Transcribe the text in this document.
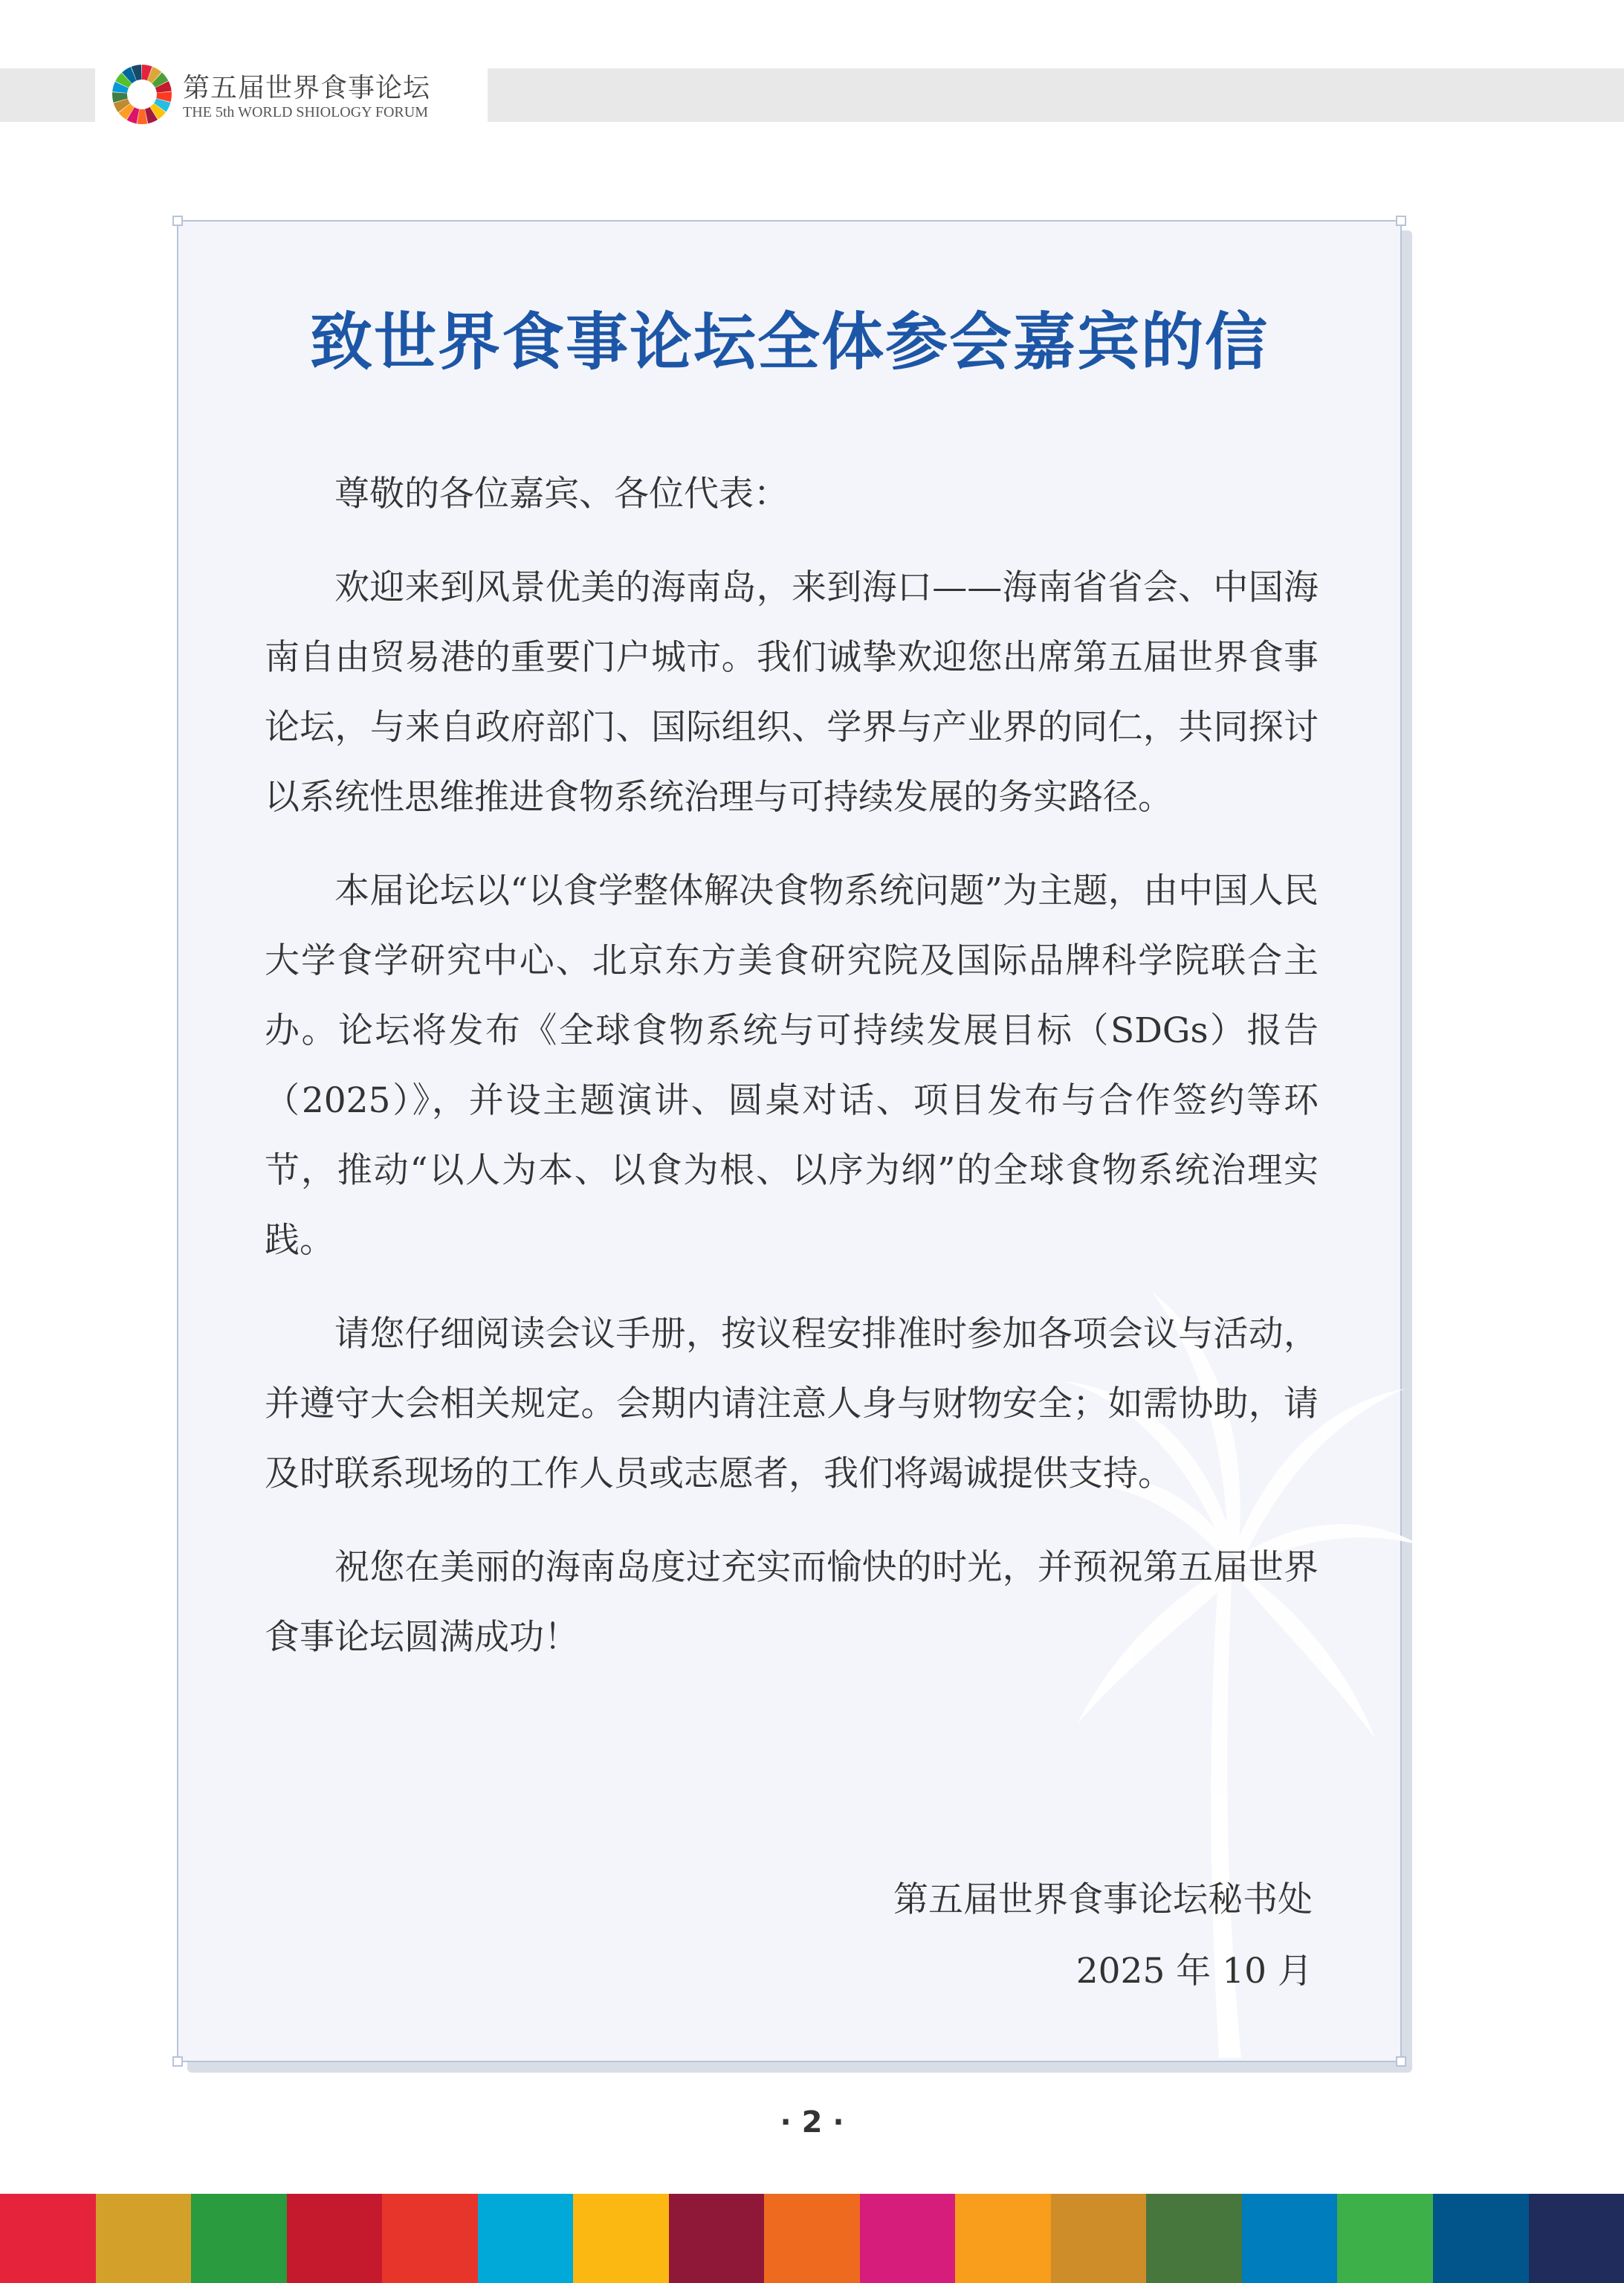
第五届世界食事论坛
THE 5th WORLD SHIOLOGY FORUM
致世界食事论坛全体参会嘉宾的信

尊敬的各位嘉宾、各位代表：

欢迎来到风景优美的海南岛，来到海口——海南省省会、中国海南自由贸易港的重要门户城市。我们诚挚欢迎您出席第五届世界食事论坛，与来自政府部门、国际组织、学界与产业界的同仁，共同探讨以系统性思维推进食物系统治理与可持续发展的务实路径。

本届论坛以“以食学整体解决食物系统问题”为主题，由中国人民大学食学研究中心、北京东方美食研究院及国际品牌科学院联合主办。论坛将发布《全球食物系统与可持续发展目标（SDGs）报告（2025）》，并设主题演讲、圆桌对话、项目发布与合作签约等环节，推动“以人为本、以食为根、以序为纲”的全球食物系统治理实践。

请您仔细阅读会议手册，按议程安排准时参加各项会议与活动，并遵守大会相关规定。会期内请注意人身与财物安全；如需协助，请及时联系现场的工作人员或志愿者，我们将竭诚提供支持。

祝您在美丽的海南岛度过充实而愉快的时光，并预祝第五届世界食事论坛圆满成功！

第五届世界食事论坛秘书处
2025 年 10 月
· 2 ·
